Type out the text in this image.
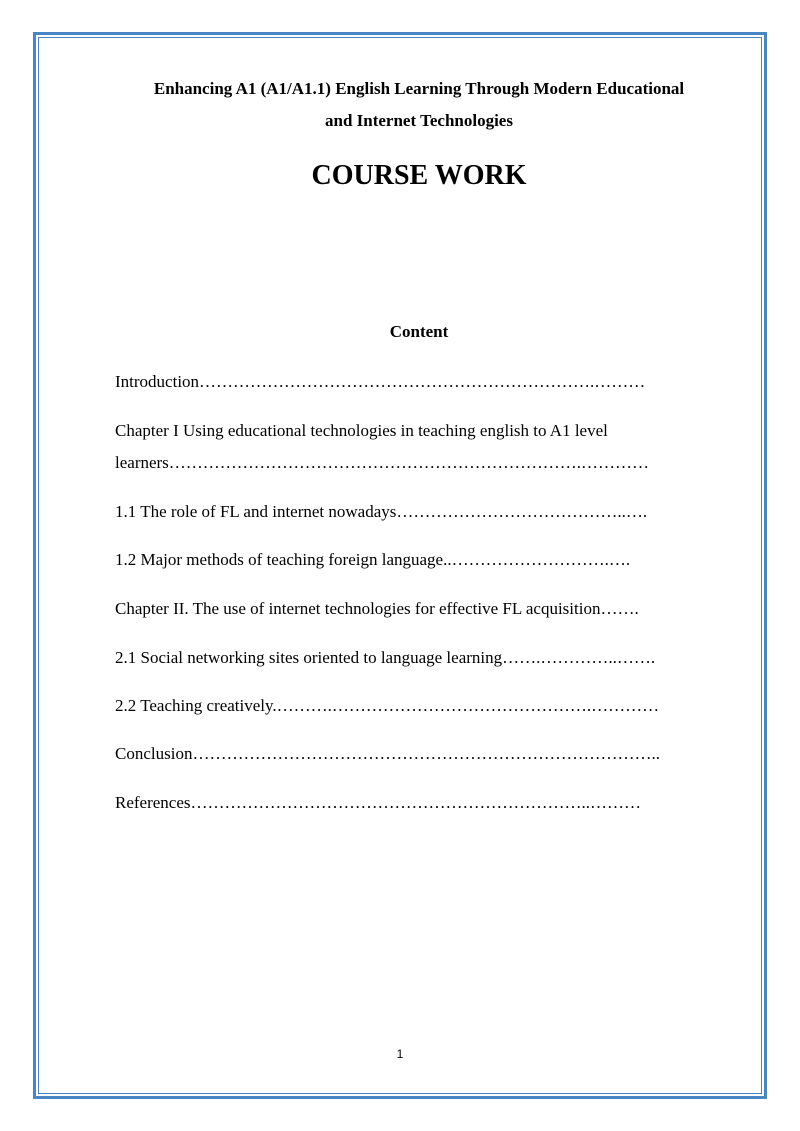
Enhancing A1 (A1/A1.1) English Learning Through Modern Educational
and Internet Technologies
COURSE WORK
Content
Introduction…………………………………………………………….………
Chapter I Using educational technologies in teaching english to A1 level
learners……………………………………………………………….…………
1.1 The role of FL and internet nowadays…………………………………..….
1.2 Major methods of teaching foreign language..……………………….….
Chapter II. The use of internet technologies for effective FL acquisition…….
2.1 Social networking sites oriented to language learning…….…………..…….
2.2 Teaching creatively.……….……………………………………….…………
Conclusion………………………………………………………………………..
References……………………………………………………………..………
1
